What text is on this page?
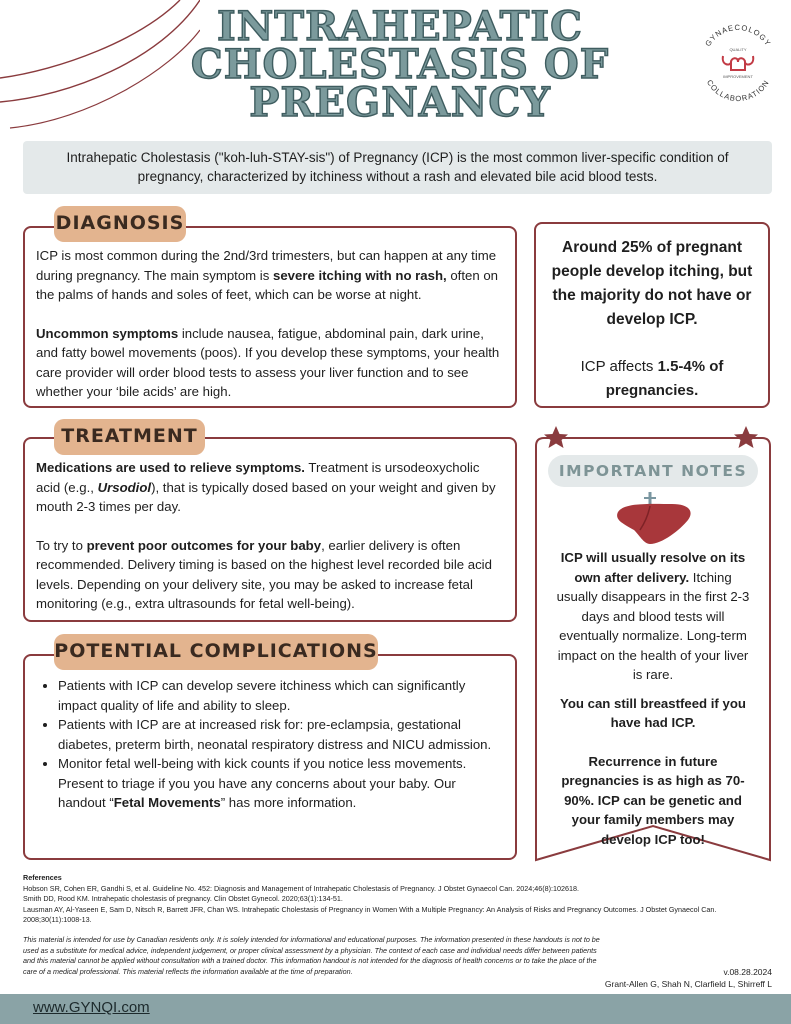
INTRAHEPATIC
CHOLESTASIS OF
PREGNANCY
GYNAECOLOGY
COLLABORATION
QUALITY
IMPROVEMENT
Intrahepatic Cholestasis ("koh-luh-STAY-sis") of Pregnancy (ICP) is the most common liver-specific condition of pregnancy, characterized by itchiness without a rash and elevated bile acid blood tests.
DIAGNOSIS

ICP is most common during the 2nd/3rd trimesters, but can happen at any time during pregnancy. The main symptom is severe itching with no rash, often on the palms of hands and soles of feet, which can be worse at night.

Uncommon symptoms include nausea, fatigue, abdominal pain, dark urine, and fatty bowel movements (poos). If you develop these symptoms, your health care provider will order blood tests to assess your liver function and to see whether your ‘bile acids’ are high.

Around 25% of pregnant people develop itching, but the majority do not have or develop ICP.

ICP affects 1.5-4% of pregnancies.

TREATMENT

Medications are used to relieve symptoms. Treatment is ursodeoxycholic acid (e.g., Ursodiol), that is typically dosed based on your weight and given by mouth 2-3 times per day.

To try to prevent poor outcomes for your baby, earlier delivery is often recommended. Delivery timing is based on the highest level recorded bile acid levels. Depending on your delivery site, you may be asked to increase fetal monitoring (e.g., extra ultrasounds for fetal well-being).

IMPORTANT NOTES

ICP will usually resolve on its own after delivery. Itching usually disappears in the first 2-3 days and blood tests will eventually normalize. Long-term impact on the health of your liver is rare.

You can still breastfeed if you have had ICP.

Recurrence in future pregnancies is as high as 70-90%. ICP can be genetic and your family members may develop ICP too!

POTENTIAL COMPLICATIONS
• Patients with ICP can develop severe itchiness which can significantly impact quality of life and ability to sleep.
• Patients with ICP are at increased risk for: pre-eclampsia, gestational diabetes, preterm birth, neonatal respiratory distress and NICU admission.
• Monitor fetal well-being with kick counts if you notice less movements. Present to triage if you you have any concerns about your baby. Our handout “Fetal Movements” has more information.

References

Hobson SR, Cohen ER, Gandhi S, et al. Guideline No. 452: Diagnosis and Management of Intrahepatic Cholestasis of Pregnancy. J Obstet Gynaecol Can. 2024;46(8):102618.

Smith DD, Rood KM. Intrahepatic cholestasis of pregnancy. Clin Obstet Gynecol. 2020;63(1):134-51.

Lausman AY, Al-Yaseen E, Sam D, Nitsch R, Barrett JFR, Chan WS. Intrahepatic Cholestasis of Pregnancy in Women With a Multiple Pregnancy: An Analysis of Risks and Pregnancy Outcomes. J Obstet Gynaecol Can. 2008;30(11):1008-13.

This material is intended for use by Canadian residents only. It is solely intended for informational and educational purposes. The information presented in these handouts is not to be used as a substitute for medical advice, independent judgement, or proper clinical assessment by a physician. The context of each case and individual needs differ between patients and this material cannot be applied without consultation with a trained doctor. This information handout is not intended for the diagnosis of health concerns or to take the place of the care of a medical professional. This material reflects the information available at the time of preparation.	v.08.28.2024
Grant-Allen G, Shah N, Clarfield L, Shirreff L
www.GYNQI.com
